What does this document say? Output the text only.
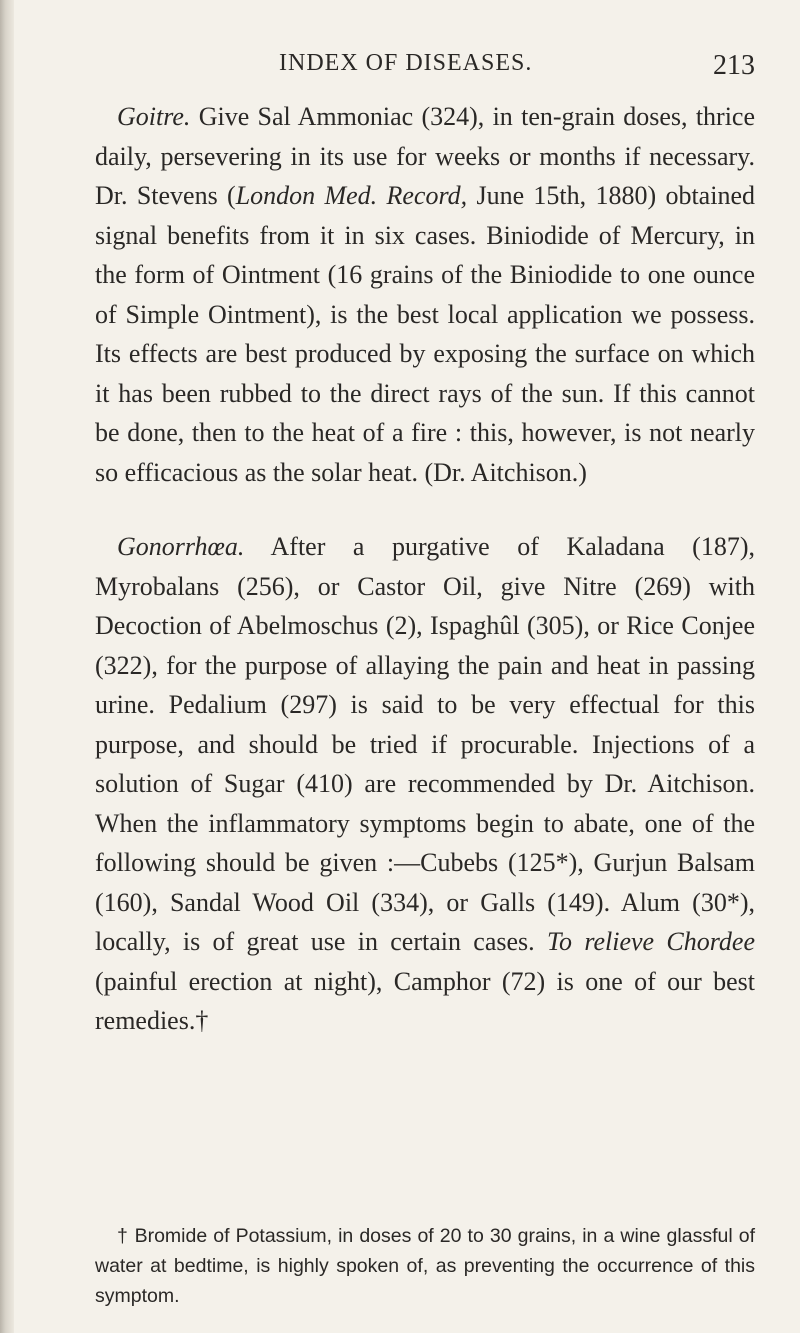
INDEX OF DISEASES.	213

Goitre. Give Sal Ammoniac (324), in ten-grain doses, thrice daily, persevering in its use for weeks or months if necessary. Dr. Stevens (London Med. Record, June 15th, 1880) obtained signal benefits from it in six cases. Biniodide of Mercury, in the form of Ointment (16 grains of the Biniodide to one ounce of Simple Ointment), is the best local application we possess. Its effects are best produced by exposing the surface on which it has been rubbed to the direct rays of the sun. If this cannot be done, then to the heat of a fire : this, however, is not nearly so efficacious as the solar heat. (Dr. Aitchison.)

Gonorrhœa. After a purgative of Kaladana (187), Myrobalans (256), or Castor Oil, give Nitre (269) with Decoction of Abelmoschus (2), Ispaghûl (305), or Rice Conjee (322), for the purpose of allaying the pain and heat in passing urine. Pedalium (297) is said to be very effectual for this purpose, and should be tried if procurable. Injections of a solution of Sugar (410) are recommended by Dr. Aitchison. When the inflammatory symptoms begin to abate, one of the following should be given :—Cubebs (125*), Gurjun Balsam (160), Sandal Wood Oil (334), or Galls (149). Alum (30*), locally, is of great use in certain cases. To relieve Chordee (painful erection at night), Camphor (72) is one of our best remedies.†

† Bromide of Potassium, in doses of 20 to 30 grains, in a wine glassful of water at bedtime, is highly spoken of, as preventing the occurrence of this symptom.
